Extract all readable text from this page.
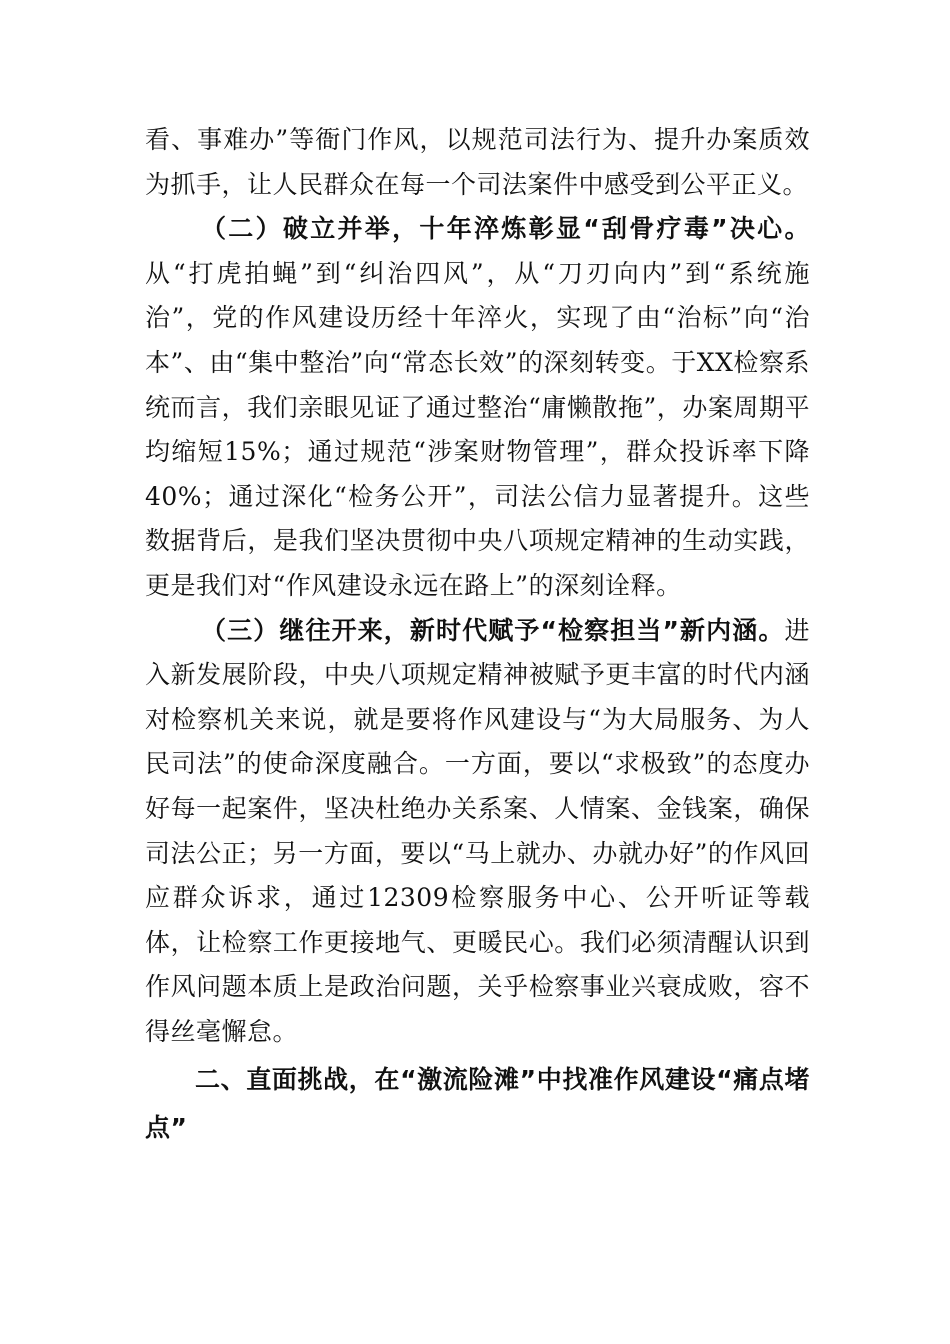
看、事难办”等衙门作风，以规范司法行为、提升办案质效为抓手，让人民群众在每一个司法案件中感受到公平正义。

（二）破立并举，十年淬炼彰显“刮骨疗毒”决心。从“打虎拍蝇”到“纠治四风”，从“刀刃向内”到“系统施治”，党的作风建设历经十年淬火，实现了由“治标”向“治本”、由“集中整治”向“常态长效”的深刻转变。于XX检察系统而言，我们亲眼见证了通过整治“庸懒散拖”，办案周期平均缩短15%；通过规范“涉案财物管理”，群众投诉率下降40%；通过深化“检务公开”，司法公信力显著提升。这些数据背后，是我们坚决贯彻中央八项规定精神的生动实践，更是我们对“作风建设永远在路上”的深刻诠释。

（三）继往开来，新时代赋予“检察担当”新内涵。进入新发展阶段，中央八项规定精神被赋予更丰富的时代内涵对检察机关来说，就是要将作风建设与“为大局服务、为人民司法”的使命深度融合。一方面，要以“求极致”的态度办好每一起案件，坚决杜绝办关系案、人情案、金钱案，确保司法公正；另一方面，要以“马上就办、办就办好”的作风回应群众诉求，通过12309检察服务中心、公开听证等载体，让检察工作更接地气、更暖民心。我们必须清醒认识到作风问题本质上是政治问题，关乎检察事业兴衰成败，容不得丝毫懈怠。

二、直面挑战，在“激流险滩”中找准作风建设“痛点堵点”
